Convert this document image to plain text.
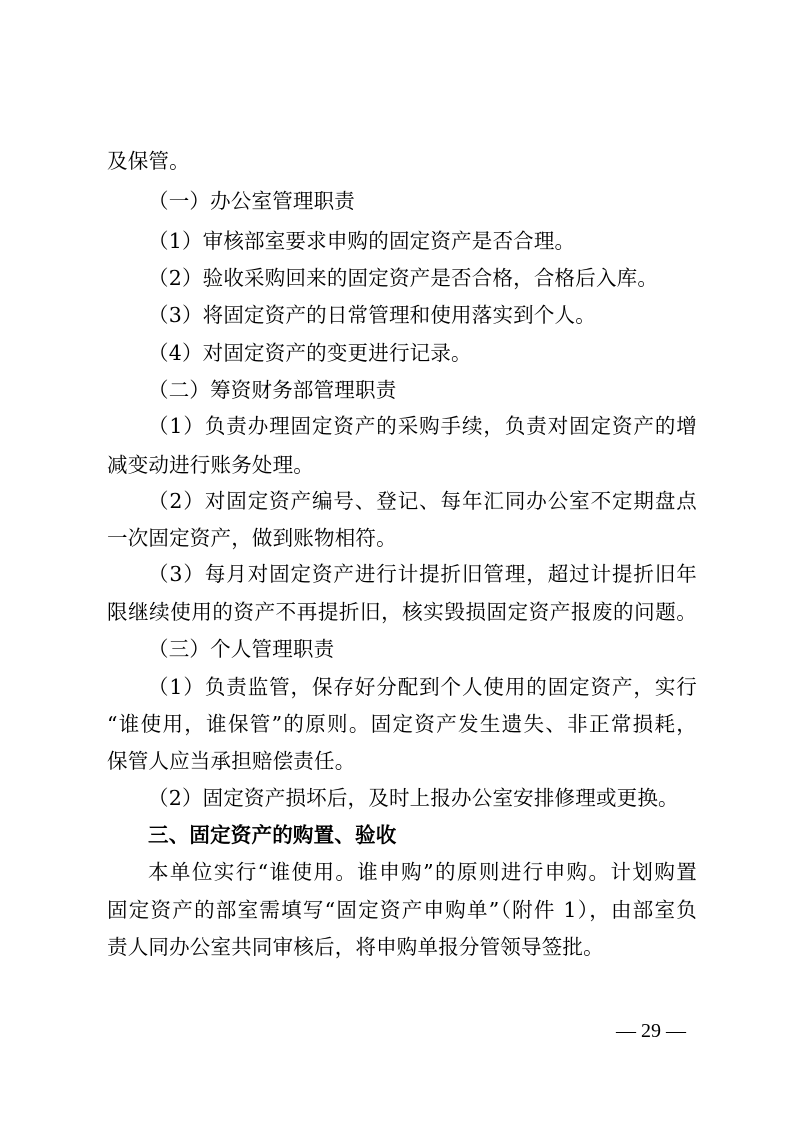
及保管。
（一）办公室管理职责
（1）审核部室要求申购的固定资产是否合理。
（2）验收采购回来的固定资产是否合格，合格后入库。
（3）将固定资产的日常管理和使用落实到个人。
（4）对固定资产的变更进行记录。
（二）筹资财务部管理职责
（1）负责办理固定资产的采购手续，负责对固定资产的增
减变动进行账务处理。
（2）对固定资产编号、登记、每年汇同办公室不定期盘点
一次固定资产，做到账物相符。
（3）每月对固定资产进行计提折旧管理，超过计提折旧年
限继续使用的资产不再提折旧，核实毁损固定资产报废的问题。
（三）个人管理职责
（1）负责监管，保存好分配到个人使用的固定资产，实行
“谁使用，谁保管”的原则。固定资产发生遗失、非正常损耗，
保管人应当承担赔偿责任。
（2）固定资产损坏后，及时上报办公室安排修理或更换。
三、固定资产的购置、验收
本单位实行“谁使用。谁申购”的原则进行申购。计划购置
固定资产的部室需填写“固定资产申购单”（附件 1），由部室负
责人同办公室共同审核后，将申购单报分管领导签批。
— 29 —
